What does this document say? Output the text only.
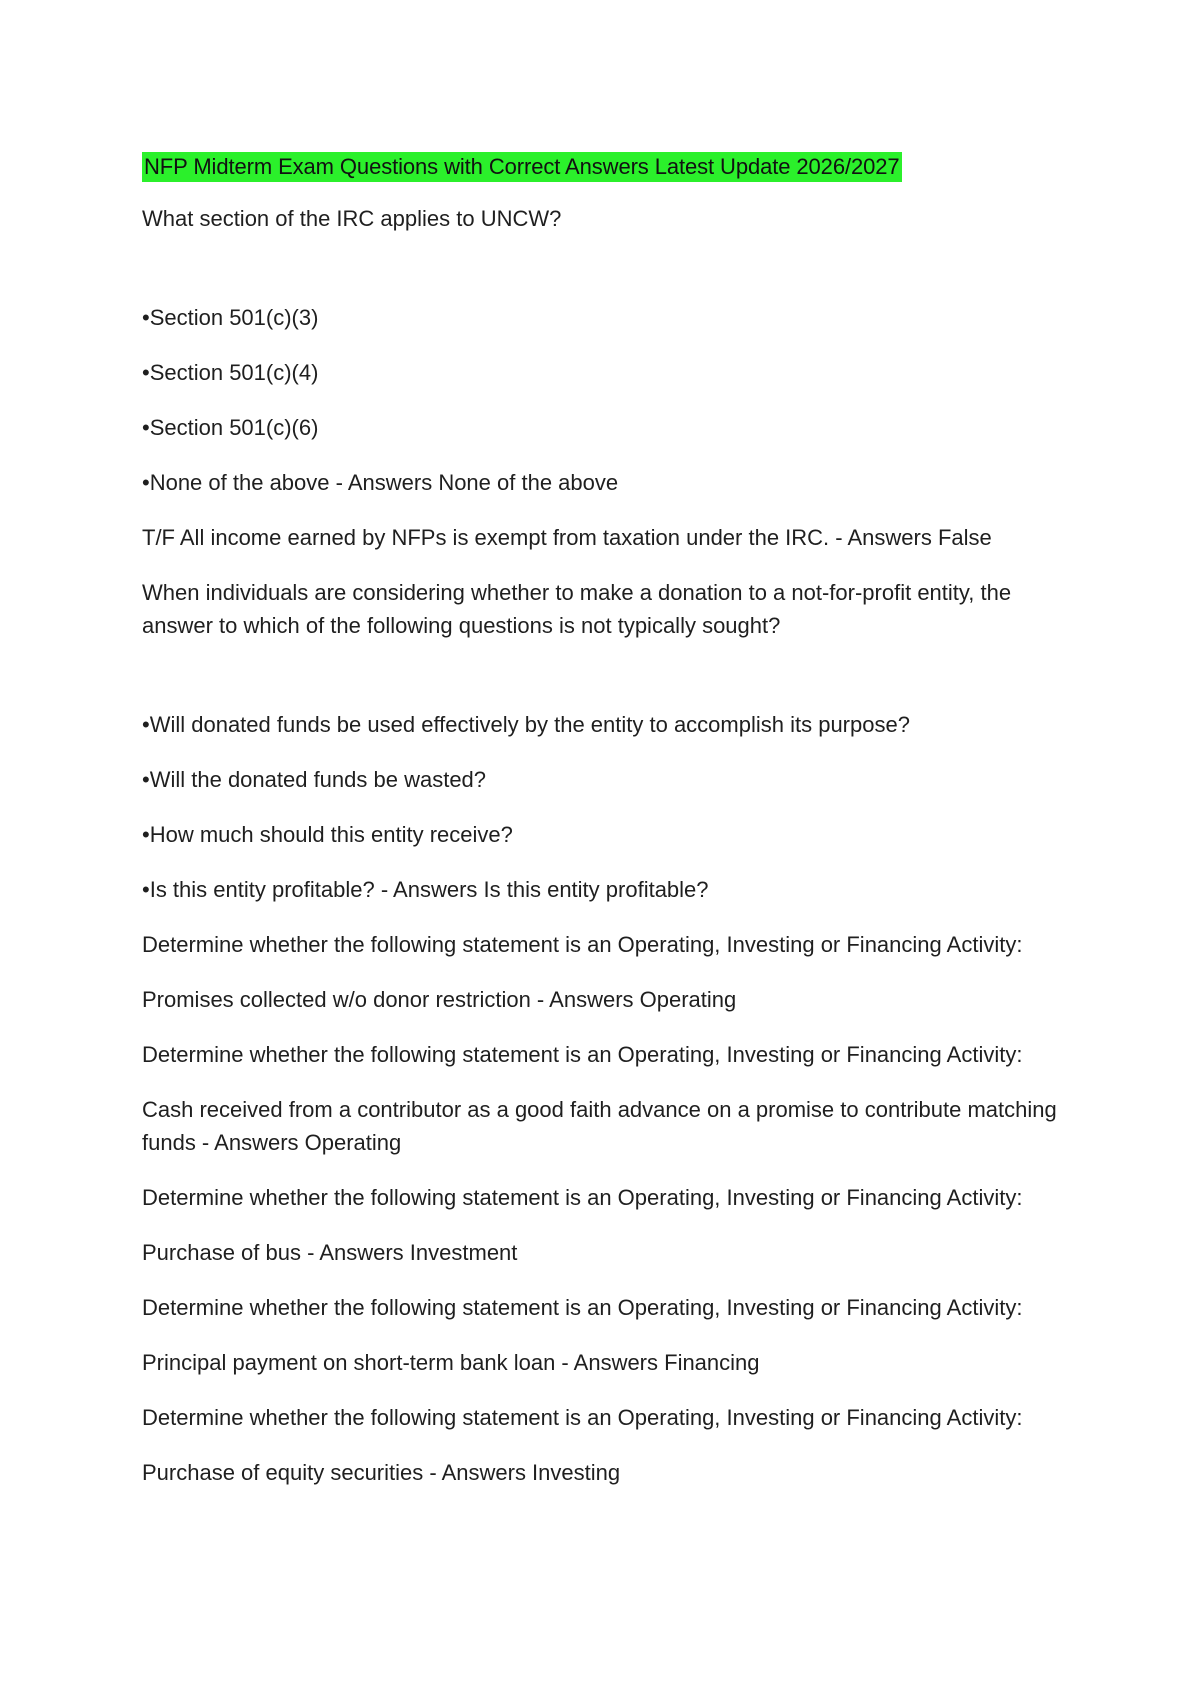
NFP Midterm Exam Questions with Correct Answers Latest Update 2026/2027
What section of the IRC applies to UNCW?
•Section 501(c)(3)
•Section 501(c)(4)
•Section 501(c)(6)
•None of the above - Answers None of the above
T/F All income earned by NFPs is exempt from taxation under the IRC. - Answers False
When individuals are considering whether to make a donation to a not-for-profit entity, the answer to which of the following questions is not typically sought?
•Will donated funds be used effectively by the entity to accomplish its purpose?
•Will the donated funds be wasted?
•How much should this entity receive?
•Is this entity profitable? - Answers Is this entity profitable?
Determine whether the following statement is an Operating, Investing or Financing Activity:
Promises collected w/o donor restriction - Answers Operating
Determine whether the following statement is an Operating, Investing or Financing Activity:
Cash received from a contributor as a good faith advance on a promise to contribute matching funds - Answers Operating
Determine whether the following statement is an Operating, Investing or Financing Activity:
Purchase of bus - Answers Investment
Determine whether the following statement is an Operating, Investing or Financing Activity:
Principal payment on short-term bank loan - Answers Financing
Determine whether the following statement is an Operating, Investing or Financing Activity:
Purchase of equity securities - Answers Investing
